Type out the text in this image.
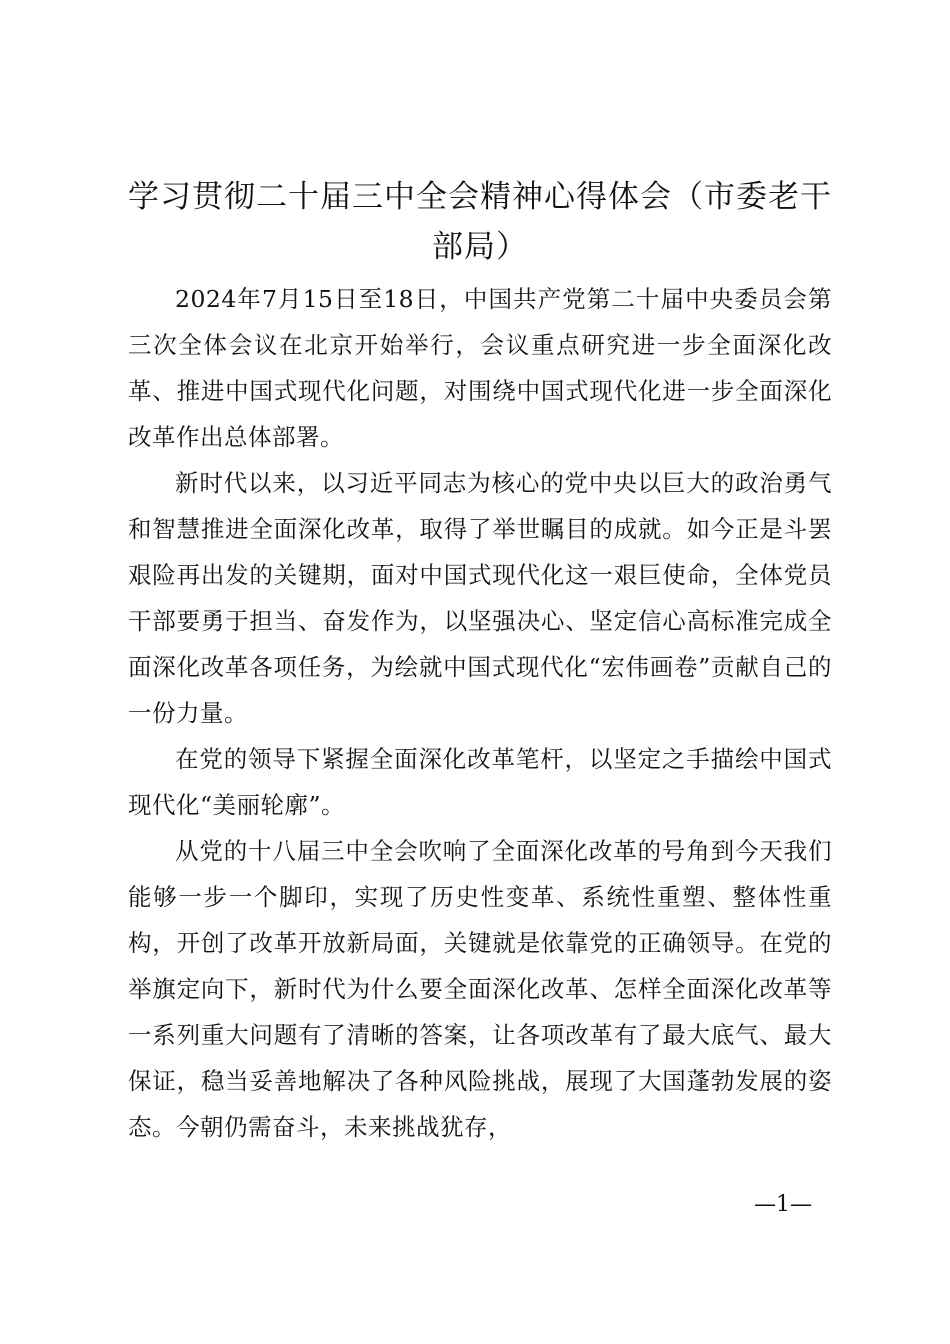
学习贯彻二十届三中全会精神心得体会（市委老干部局）

2024年7月15日至18日，中国共产党第二十届中央委员会第三次全体会议在北京开始举行，会议重点研究进一步全面深化改革、推进中国式现代化问题，对围绕中国式现代化进一步全面深化改革作出总体部署。

新时代以来，以习近平同志为核心的党中央以巨大的政治勇气和智慧推进全面深化改革，取得了举世瞩目的成就。如今正是斗罢艰险再出发的关键期，面对中国式现代化这一艰巨使命，全体党员干部要勇于担当、奋发作为，以坚强决心、坚定信心高标准完成全面深化改革各项任务，为绘就中国式现代化“宏伟画卷”贡献自己的一份力量。

在党的领导下紧握全面深化改革笔杆，以坚定之手描绘中国式现代化“美丽轮廓”。

从党的十八届三中全会吹响了全面深化改革的号角到今天我们能够一步一个脚印，实现了历史性变革、系统性重塑、整体性重构，开创了改革开放新局面，关键就是依靠党的正确领导。在党的举旗定向下，新时代为什么要全面深化改革、怎样全面深化改革等一系列重大问题有了清晰的答案，让各项改革有了最大底气、最大保证，稳当妥善地解决了各种风险挑战，展现了大国蓬勃发展的姿态。今朝仍需奋斗，未来挑战犹存，

—1—
